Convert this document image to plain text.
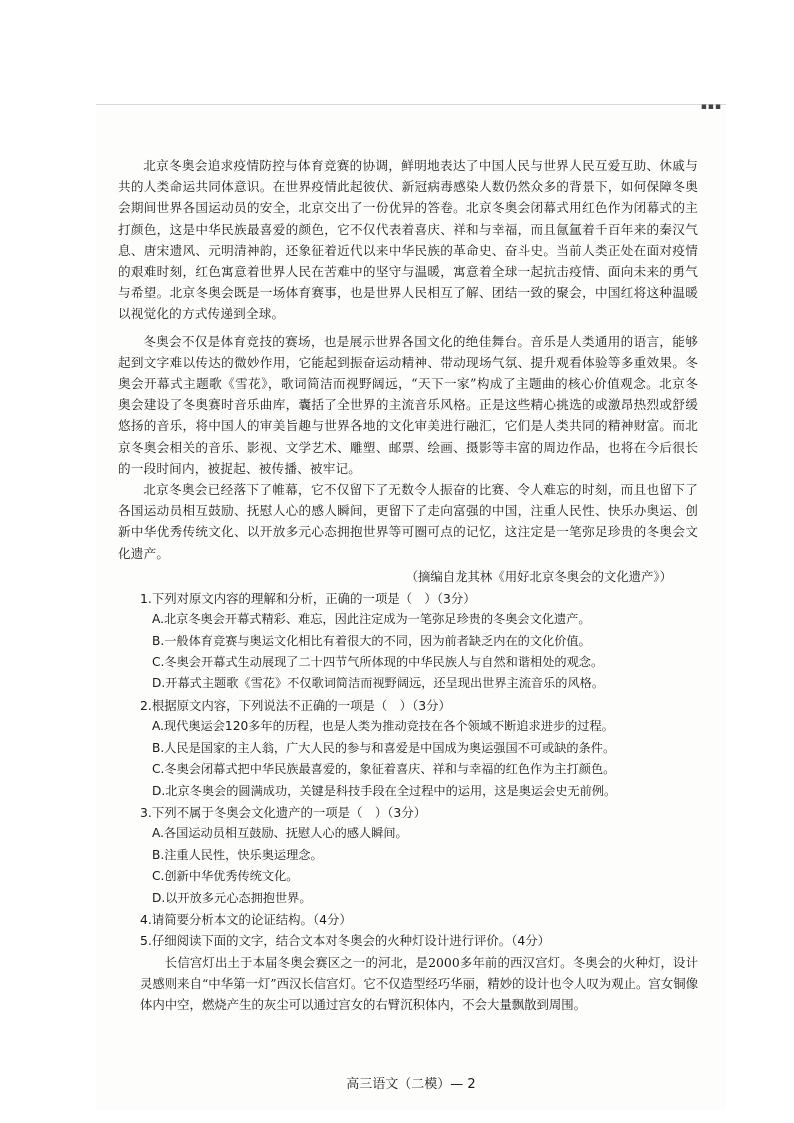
▪▪▪

北京冬奥会追求疫情防控与体育竞赛的协调，鲜明地表达了中国人民与世界人民互爱互助、休戚与共的人类命运共同体意识。在世界疫情此起彼伏、新冠病毒感染人数仍然众多的背景下，如何保障冬奥会期间世界各国运动员的安全，北京交出了一份优异的答卷。北京冬奥会闭幕式用红色作为闭幕式的主打颜色，这是中华民族最喜爱的颜色，它不仅代表着喜庆、祥和与幸福，而且氤氲着千百年来的秦汉气息、唐宋遗风、元明清神韵，还象征着近代以来中华民族的革命史、奋斗史。当前人类正处在面对疫情的艰难时刻，红色寓意着世界人民在苦难中的坚守与温暖，寓意着全球一起抗击疫情、面向未来的勇气与希望。北京冬奥会既是一场体育赛事，也是世界人民相互了解、团结一致的聚会，中国红将这种温暖以视觉化的方式传递到全球。

冬奥会不仅是体育竞技的赛场，也是展示世界各国文化的绝佳舞台。音乐是人类通用的语言，能够起到文字难以传达的微妙作用，它能起到振奋运动精神、带动现场气氛、提升观看体验等多重效果。冬奥会开幕式主题歌《雪花》，歌词简洁而视野阔远，“天下一家”构成了主题曲的核心价值观念。北京冬奥会建设了冬奥赛时音乐曲库，囊括了全世界的主流音乐风格。正是这些精心挑选的或激昂热烈或舒缓悠扬的音乐，将中国人的审美旨趣与世界各地的文化审美进行融汇，它们是人类共同的精神财富。而北京冬奥会相关的音乐、影视、文学艺术、雕塑、邮票、绘画、摄影等丰富的周边作品，也将在今后很长的一段时间内，被捉起、被传播、被牢记。

北京冬奥会已经落下了帷幕，它不仅留下了无数令人振奋的比赛、令人难忘的时刻，而且也留下了各国运动员相互鼓励、抚慰人心的感人瞬间，更留下了走向富强的中国，注重人民性、快乐办奥运、创新中华优秀传统文化、以开放多元心态拥抱世界等可圈可点的记忆，这注定是一笔弥足珍贵的冬奥会文化遗产。

（摘编自龙其林《用好北京冬奥会的文化遗产》）

1.下列对原文内容的理解和分析，正确的一项是（　）（3分）

A.北京冬奥会开幕式精彩、难忘，因此注定成为一笔弥足珍贵的冬奥会文化遗产。

B.一般体育竞赛与奥运文化相比有着很大的不同，因为前者缺乏内在的文化价值。

C.冬奥会开幕式生动展现了二十四节气所体现的中华民族人与自然和谐相处的观念。

D.开幕式主题歌《雪花》不仅歌词简洁而视野阔远，还呈现出世界主流音乐的风格。

2.根据原文内容，下列说法不正确的一项是（　）（3分）

A.现代奥运会120多年的历程，也是人类为推动竞技在各个领域不断追求进步的过程。

B.人民是国家的主人翁，广大人民的参与和喜爱是中国成为奥运强国不可或缺的条件。

C.冬奥会闭幕式把中华民族最喜爱的，象征着喜庆、祥和与幸福的红色作为主打颜色。

D.北京冬奥会的圆满成功，关键是科技手段在全过程中的运用，这是奥运会史无前例。

3.下列不属于冬奥会文化遗产的一项是（　）（3分）

A.各国运动员相互鼓励、抚慰人心的感人瞬间。

B.注重人民性，快乐奥运理念。

C.创新中华优秀传统文化。

D.以开放多元心态拥抱世界。

4.请简要分析本文的论证结构。（4分）

5.仔细阅读下面的文字，结合文本对冬奥会的火种灯设计进行评价。（4分）

长信宫灯出土于本届冬奥会赛区之一的河北，是2000多年前的西汉宫灯。冬奥会的火种灯，设计灵感则来自“中华第一灯”西汉长信宫灯。它不仅造型经巧华丽，精妙的设计也令人叹为观止。宫女铜像体内中空，燃烧产生的灰尘可以通过宫女的右臂沉积体内，不会大量飘散到周围。

高三语文（二模）— 2
